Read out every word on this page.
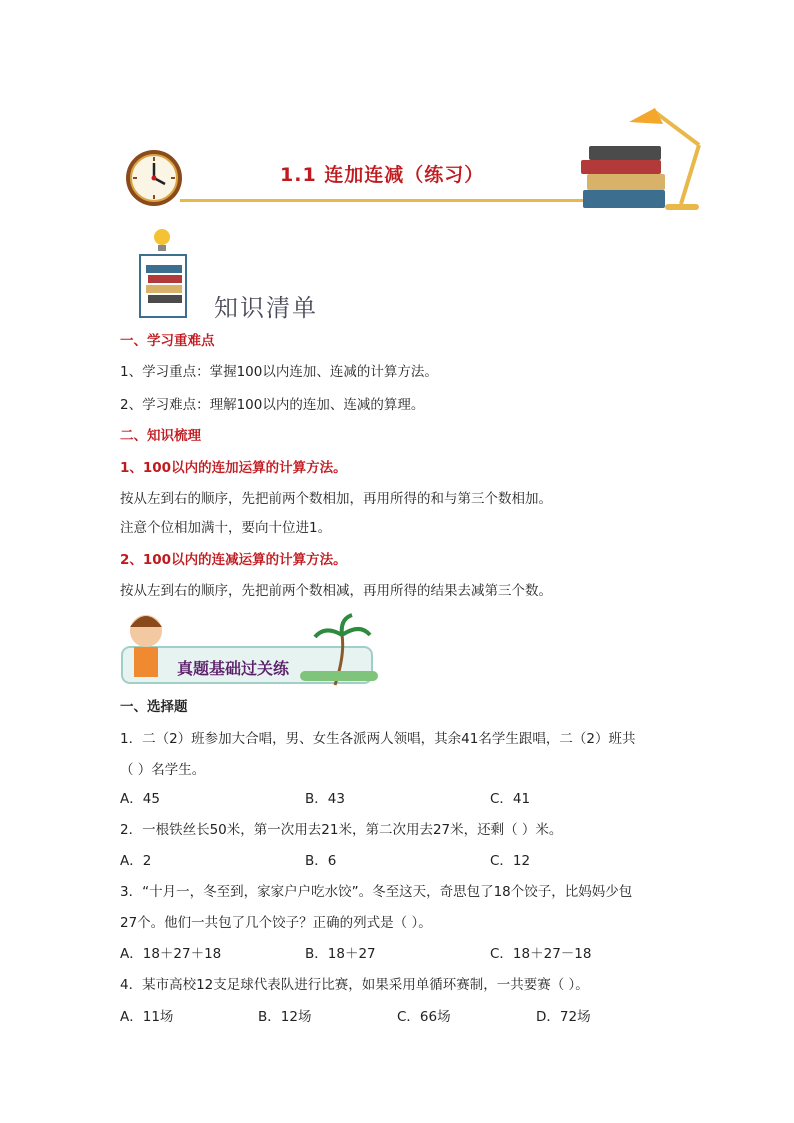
1.1 连加连减（练习）
知识清单
一、学习重难点
1、学习重点：掌握100以内连加、连减的计算方法。
2、学习难点：理解100以内的连加、连减的算理。
二、知识梳理
1、100以内的连加运算的计算方法。
按从左到右的顺序，先把前两个数相加，再用所得的和与第三个数相加。
注意个位相加满十，要向十位进1。
2、100以内的连减运算的计算方法。
按从左到右的顺序，先把前两个数相减，再用所得的结果去减第三个数。
真题基础过关练
一、选择题
1．二（2）班参加大合唱，男、女生各派两人领唱，其余41名学生跟唱，二（2）班共
（ ）名学生。
A．45	B．43	C．41
2．一根铁丝长50米，第一次用去21米，第二次用去27米，还剩（ ）米。
A．2	B．6	C．12
3．“十月一，冬至到，家家户户吃水饺”。冬至这天，奇思包了18个饺子，比妈妈少包
27个。他们一共包了几个饺子？正确的列式是（ ）。
A．18＋27＋18	B．18＋27	C．18＋27－18
4．某市高校12支足球代表队进行比赛，如果采用单循环赛制，一共要赛（ ）。
A．11场	B．12场	C．66场	D．72场
